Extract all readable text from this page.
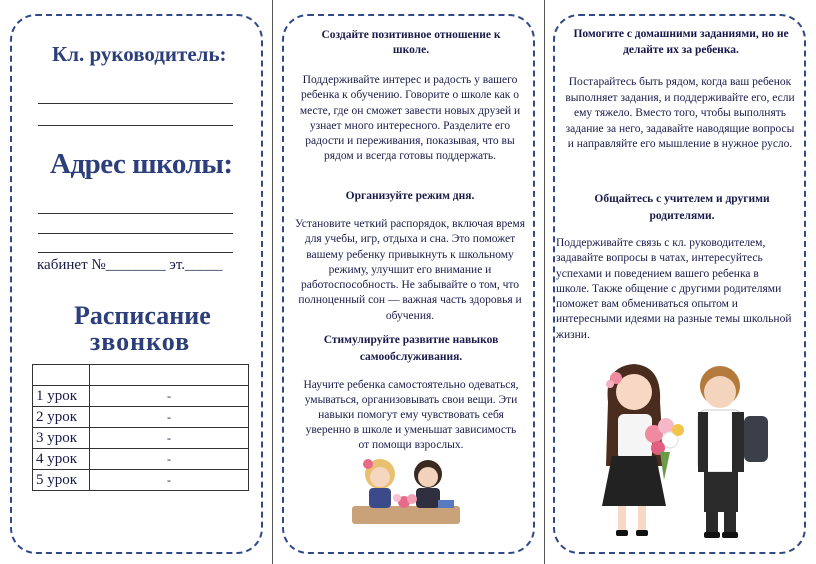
Кл. руководитель:
Адрес школы:
кабинет №________ эт._____
Расписание
звонков

1 урок	-
2 урок	-
3 урок	-
4 урок	-
5 урок	-
Создайте позитивное отношение к школе.
Поддерживайте интерес и радость у вашего ребенка к обучению. Говорите о школе как о месте, где он сможет завести новых друзей и узнает много интересного. Разделите его радости и переживания, показывая, что вы рядом и всегда готовы поддержать.
Организуйте режим дня.
Установите четкий распорядок, включая время для учебы, игр, отдыха и сна. Это поможет вашему ребенку привыкнуть к школьному режиму, улучшит его внимание и работоспособность. Не забывайте о том, что полноценный сон — важная часть здоровья и обучения.
Стимулируйте развитие навыков самообслуживания.
Научите ребенка самостоятельно одеваться, умываться, организовывать свои вещи. Эти навыки помогут ему чувствовать себя уверенно в школе и уменьшат зависимость от помощи взрослых.
Помогите с домашними заданиями, но не делайте их за ребенка.
Постарайтесь быть рядом, когда ваш ребенок выполняет задания, и поддерживайте его, если ему тяжело. Вместо того, чтобы выполнять задание за него, задавайте наводящие вопросы и направляйте его мышление в нужное русло.
Общайтесь с учителем и другими родителями.
Поддерживайте связь с кл. руководителем, задавайте вопросы в чатах, интересуйтесь успехами и поведением вашего ребенка в школе. Также общение с другими родителями поможет вам обмениваться опытом и интересными идеями на разные темы школьной жизни.
